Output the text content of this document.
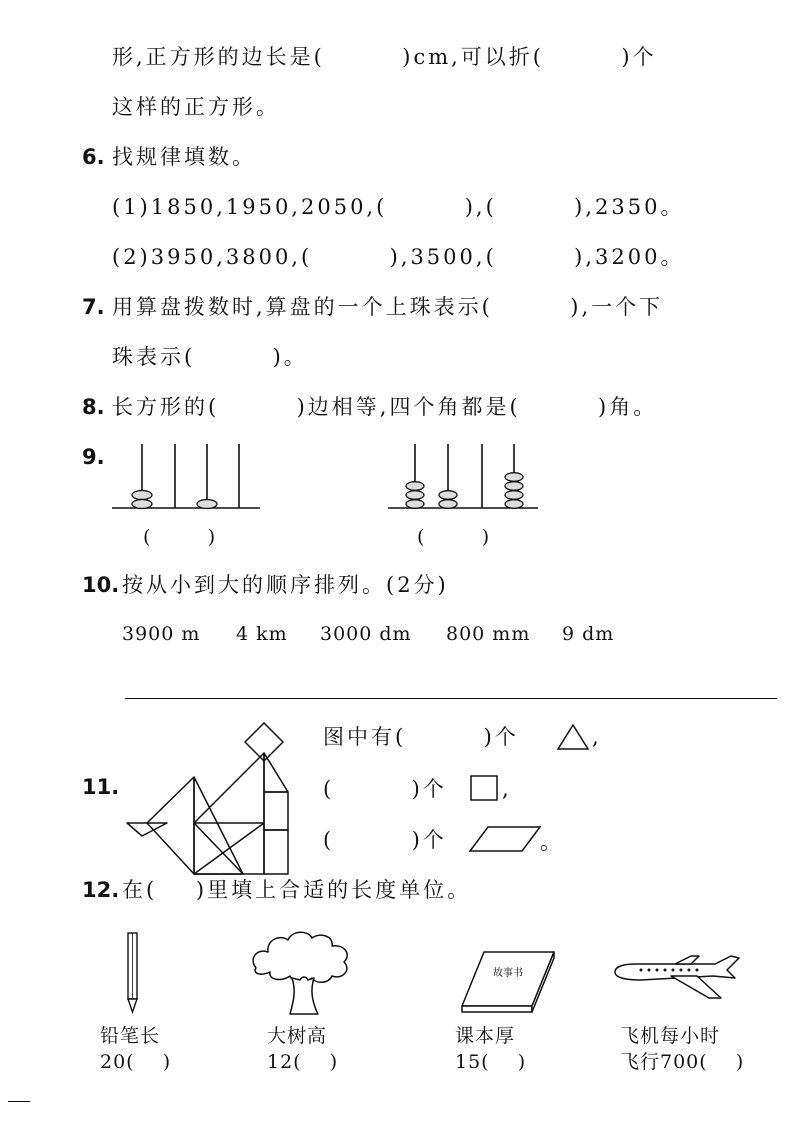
形,正方形的边长是(        )cm,可以折(        )个
这样的正方形。
6. 找规律填数。
(1)1850,1950,2050,(        ),(        ),2350。
(2)3950,3800,(        ),3500,(        ),3200。
7. 用算盘拨数时,算盘的一个上珠表示(        ),一个下
珠表示(        )。
8. 长方形的(        )边相等,四个角都是(        )角。
9.
(        )	(        )
10. 按从小到大的顺序排列。(2分)
3900 m 4 km 3000 dm 800 mm 9 dm
11.
图中有(        )个	,
(        )个	,
(        )个	。
12. 在(    )里填上合适的长度单位。
故事书
铅笔长
20(    )
大树高
12(    )
课本厚
15(    )
飞机每小时
飞行700(    )
